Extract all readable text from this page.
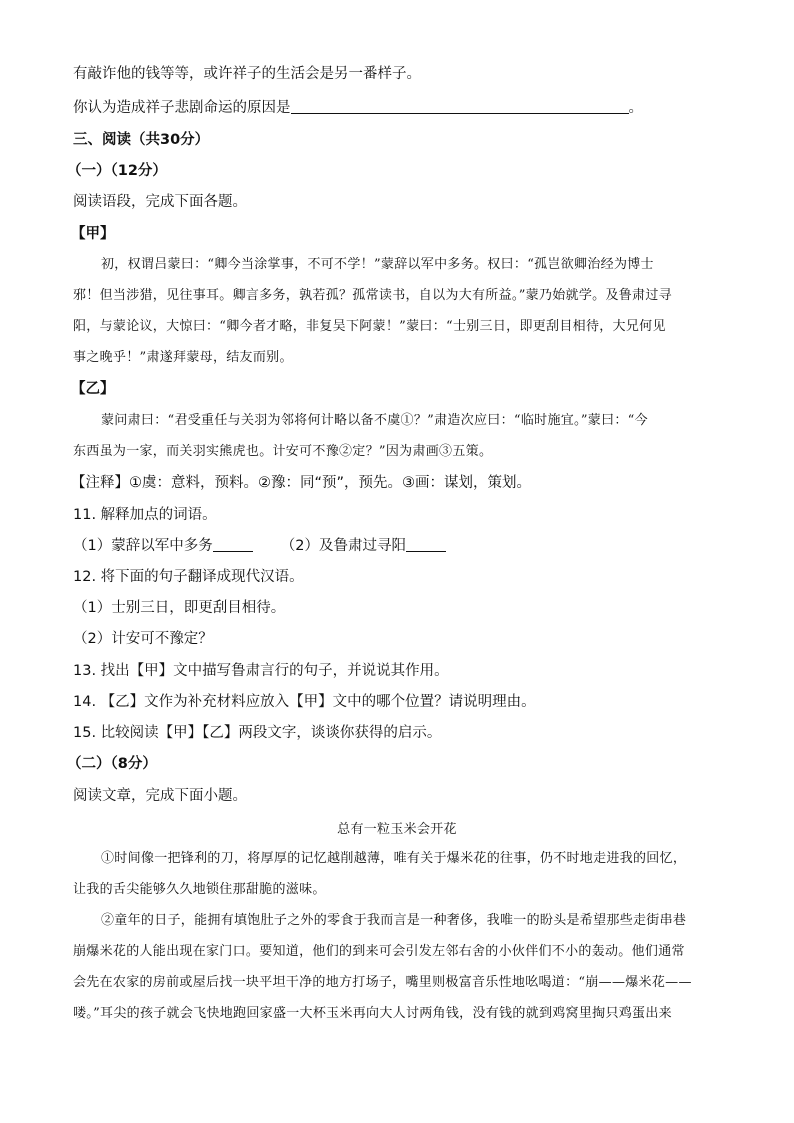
有敲诈他的钱等等，或许祥子的生活会是另一番样子。
你认为造成祥子悲剧命运的原因是	。
三、阅读（共30分）
（一）（12分）
阅读语段，完成下面各题。
【甲】
初，权谓吕蒙曰：“卿今当涂掌事，不可不学！”蒙辞以军中多务。权曰：“孤岂欲卿治经为博士
邪！但当涉猎，见往事耳。卿言多务，孰若孤？孤常读书，自以为大有所益。”蒙乃始就学。及鲁肃过寻
阳，与蒙论议，大惊曰：“卿今者才略，非复吴下阿蒙！”蒙曰：“士别三日，即更刮目相待，大兄何见
事之晚乎！”肃遂拜蒙母，结友而别。
【乙】
蒙问肃曰：“君受重任与关羽为邻将何计略以备不虞①？”肃造次应曰：“临时施宜。”蒙曰：“今
东西虽为一家，而关羽实熊虎也。计安可不豫②定？”因为肃画③五策。
【注释】①虞：意料，预料。②豫：同“预”，预先。③画：谋划，策划。
11. 解释加点的词语。
（1）蒙辞以军中多务	（2）及鲁肃过寻阳
12. 将下面的句子翻译成现代汉语。
（1）士别三日，即更刮目相待。
（2）计安可不豫定？
13. 找出【甲】文中描写鲁肃言行的句子，并说说其作用。
14. 【乙】文作为补充材料应放入【甲】文中的哪个位置？请说明理由。
15. 比较阅读【甲】【乙】两段文字，谈谈你获得的启示。
（二）（8分）
阅读文章，完成下面小题。
总有一粒玉米会开花
①时间像一把锋利的刀，将厚厚的记忆越削越薄，唯有关于爆米花的往事，仍不时地走进我的回忆，
让我的舌尖能够久久地锁住那甜脆的滋味。
②童年的日子，能拥有填饱肚子之外的零食于我而言是一种奢侈，我唯一的盼头是希望那些走街串巷
崩爆米花的人能出现在家门口。要知道，他们的到来可会引发左邻右舍的小伙伴们不小的轰动。他们通常
会先在农家的房前或屋后找一块平坦干净的地方打场子，嘴里则极富音乐性地吆喝道：“崩——爆米花——
喽。”耳尖的孩子就会飞快地跑回家盛一大杯玉米再向大人讨两角钱，没有钱的就到鸡窝里掏只鸡蛋出来
